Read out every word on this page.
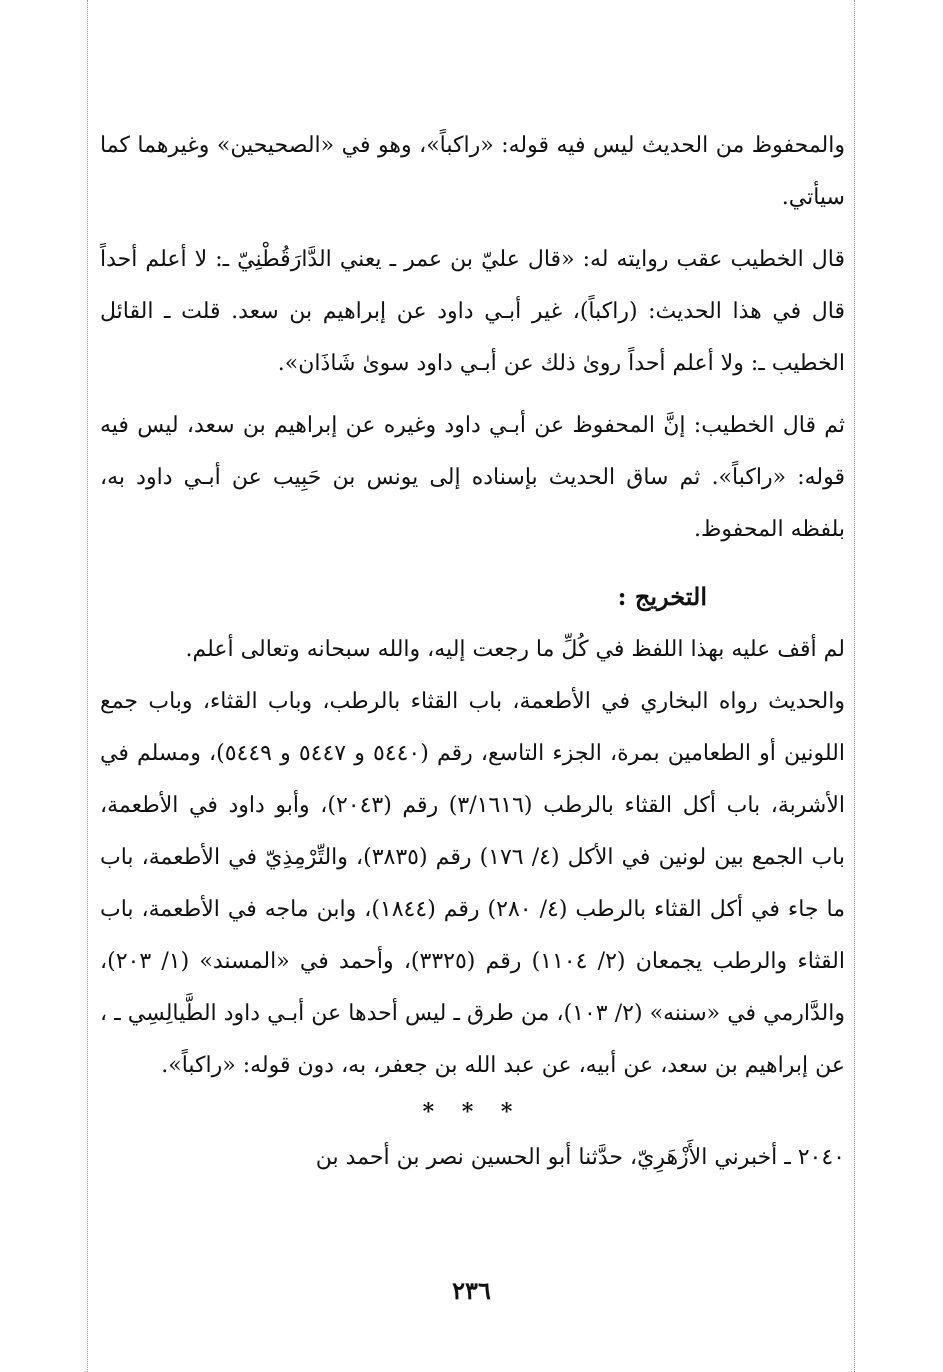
والمحفوظ من الحديث ليس فيه قوله: «راكباً»، وهو في «الصحيحين» وغيرهما كما سيأتي.

قال الخطيب عقب روايته له: «قال عليّ بن عمر ـ يعني الدَّارَقُطْنِيّ ـ: لا أعلم أحداً قال في هذا الحديث: (راكباً)، غير أبـي داود عن إبراهيم بن سعد. قلت ـ القائل الخطيب ـ: ولا أعلم أحداً روىٰ ذلك عن أبـي داود سوىٰ شَاذَان».

ثم قال الخطيب: إنَّ المحفوظ عن أبـي داود وغيره عن إبراهيم بن سعد، ليس فيه قوله: «راكباً». ثم ساق الحديث بإسناده إلى يونس بن حَبِيب عن أبـي داود به، بلفظه المحفوظ.

التخريج :

لم أقف عليه بهذا اللفظ في كُلِّ ما رجعت إليه، والله سبحانه وتعالى أعلم.

والحديث رواه البخاري في الأطعمة، باب القثاء بالرطب، وباب القثاء، وباب جمع اللونين أو الطعامين بمرة، الجزء التاسع، رقم (٥٤٤٠ و ٥٤٤٧ و ٥٤٤٩)، ومسلم في الأشربة، باب أكل القثاء بالرطب (٣/١٦١٦) رقم (٢٠٤٣)، وأبو داود في الأطعمة، باب الجمع بين لونين في الأكل (٤/ ١٧٦) رقم (٣٨٣٥)، والتِّرْمِذِيّ في الأطعمة، باب ما جاء في أكل القثاء بالرطب (٤/ ٢٨٠) رقم (١٨٤٤)، وابن ماجه في الأطعمة، باب القثاء والرطب يجمعان (٢/ ١١٠٤) رقم (٣٣٢٥)، وأحمد في «المسند» (١/ ٢٠٣)، والدَّارمي في «سننه» (٢/ ١٠٣)، من طرق ـ ليس أحدها عن أبـي داود الطَّيالِسِي ـ ، عن إبراهيم بن سعد، عن أبيه، عن عبد الله بن جعفر، به، دون قوله: «راكباً».

* * *

٢٠٤٠ ـ أخبرني الأَزْهَرِيّ، حدَّثنا أبو الحسين نصر بن أحمد بن

٢٣٦
